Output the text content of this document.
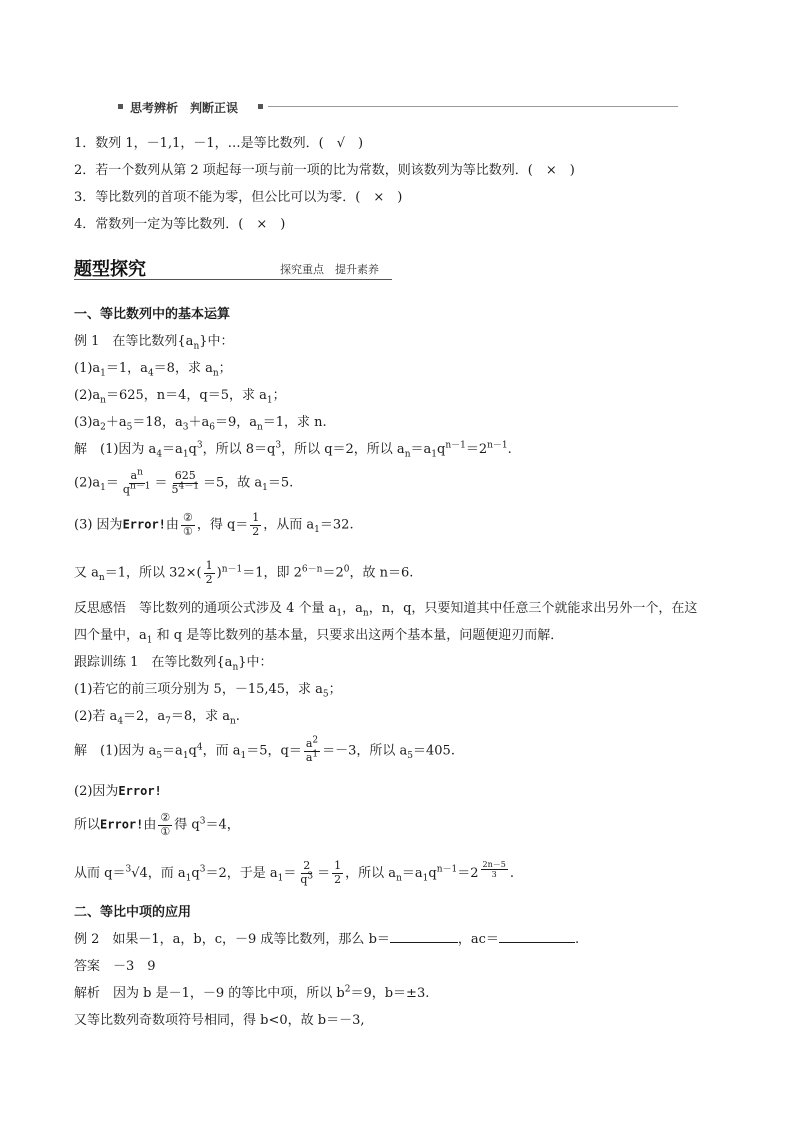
思考辨析　判断正误
1．数列 1，－1,1，－1，…是等比数列．(　√　)
2．若一个数列从第 2 项起每一项与前一项的比为常数，则该数列为等比数列．(　×　)
3．等比数列的首项不能为零，但公比可以为零．(　×　)
4．常数列一定为等比数列．(　×　)
题型探究	探究重点　提升素养
一、等比数列中的基本运算
例 1　在等比数列$\{a_n\}$中：
$(1)a_1=1$，$a_4=8$，求 $a_n$；
$(2)a_n=625$，n＝4，q＝5，求 $a_1$；
$(3)a_2+a_5=18$，$a_3+a_6=9$，$a_n=1$，求 n.
解　(1)因为 $a_4=a_1q^3$，所以 $8=q^3$，所以 q＝2，所以 $a_n=a_1q^{n-1}=2^{n-1}$.
$(2)a_1= \frac{a^n}{q^{n-1}} = \frac{625}{5^{4-1}} =5$，故 $a_1=5$.
(3) 因为Error!由 $\frac{\text{②}}{\text{①}}$ ，得 $q= \frac{1}{2}$ ，从而 $a_1=32$.
又 $a_n=1$，所以 $32\times( \frac{1}{2} )^{n-1}=1$，即 $2^{6-n}=2^0$，故 n＝6.
反思感悟　等比数列的通项公式涉及 4 个量 $a_1$，$a_n$，n，q，只要知道其中任意三个就能求出另外一个，在这
四个量中，$a_1$ 和 q 是等比数列的基本量，只要求出这两个基本量，问题便迎刃而解．
跟踪训练 1　在等比数列$\{a_n\}$中：
(1)若它的前三项分别为 5，－15,45，求 $a_5$；
(2)若 $a_4=2$，$a_7=8$，求 $a_n$.
解　(1)因为 $a_5=a_1q^4$，而 $a_1=5$，$q= \frac{a^2}{a^1} =-3$，所以 $a_5=405$.
(2)因为Error!
所以Error!由 $\frac{\text{②}}{\text{①}}$ 得 $q^3=4$，
从而 q＝$^3$√4，而 $a_1q^3=2$，于是 $a_1= \frac{2}{q^3} = \frac{1}{2}$ ，所以 $a_n=a_1q^{n-1}=2 \frac{2n-5}{3}$ .
二、等比中项的应用
例 2　如果－1，a，b，c，－9 成等比数列，那么 b＝	，ac＝	.
答案　－3　9
解析　因为 b 是－1，－9 的等比中项，所以 $b^2=9$，b＝±3.
又等比数列奇数项符号相同，得 b<0，故 b＝－3,
